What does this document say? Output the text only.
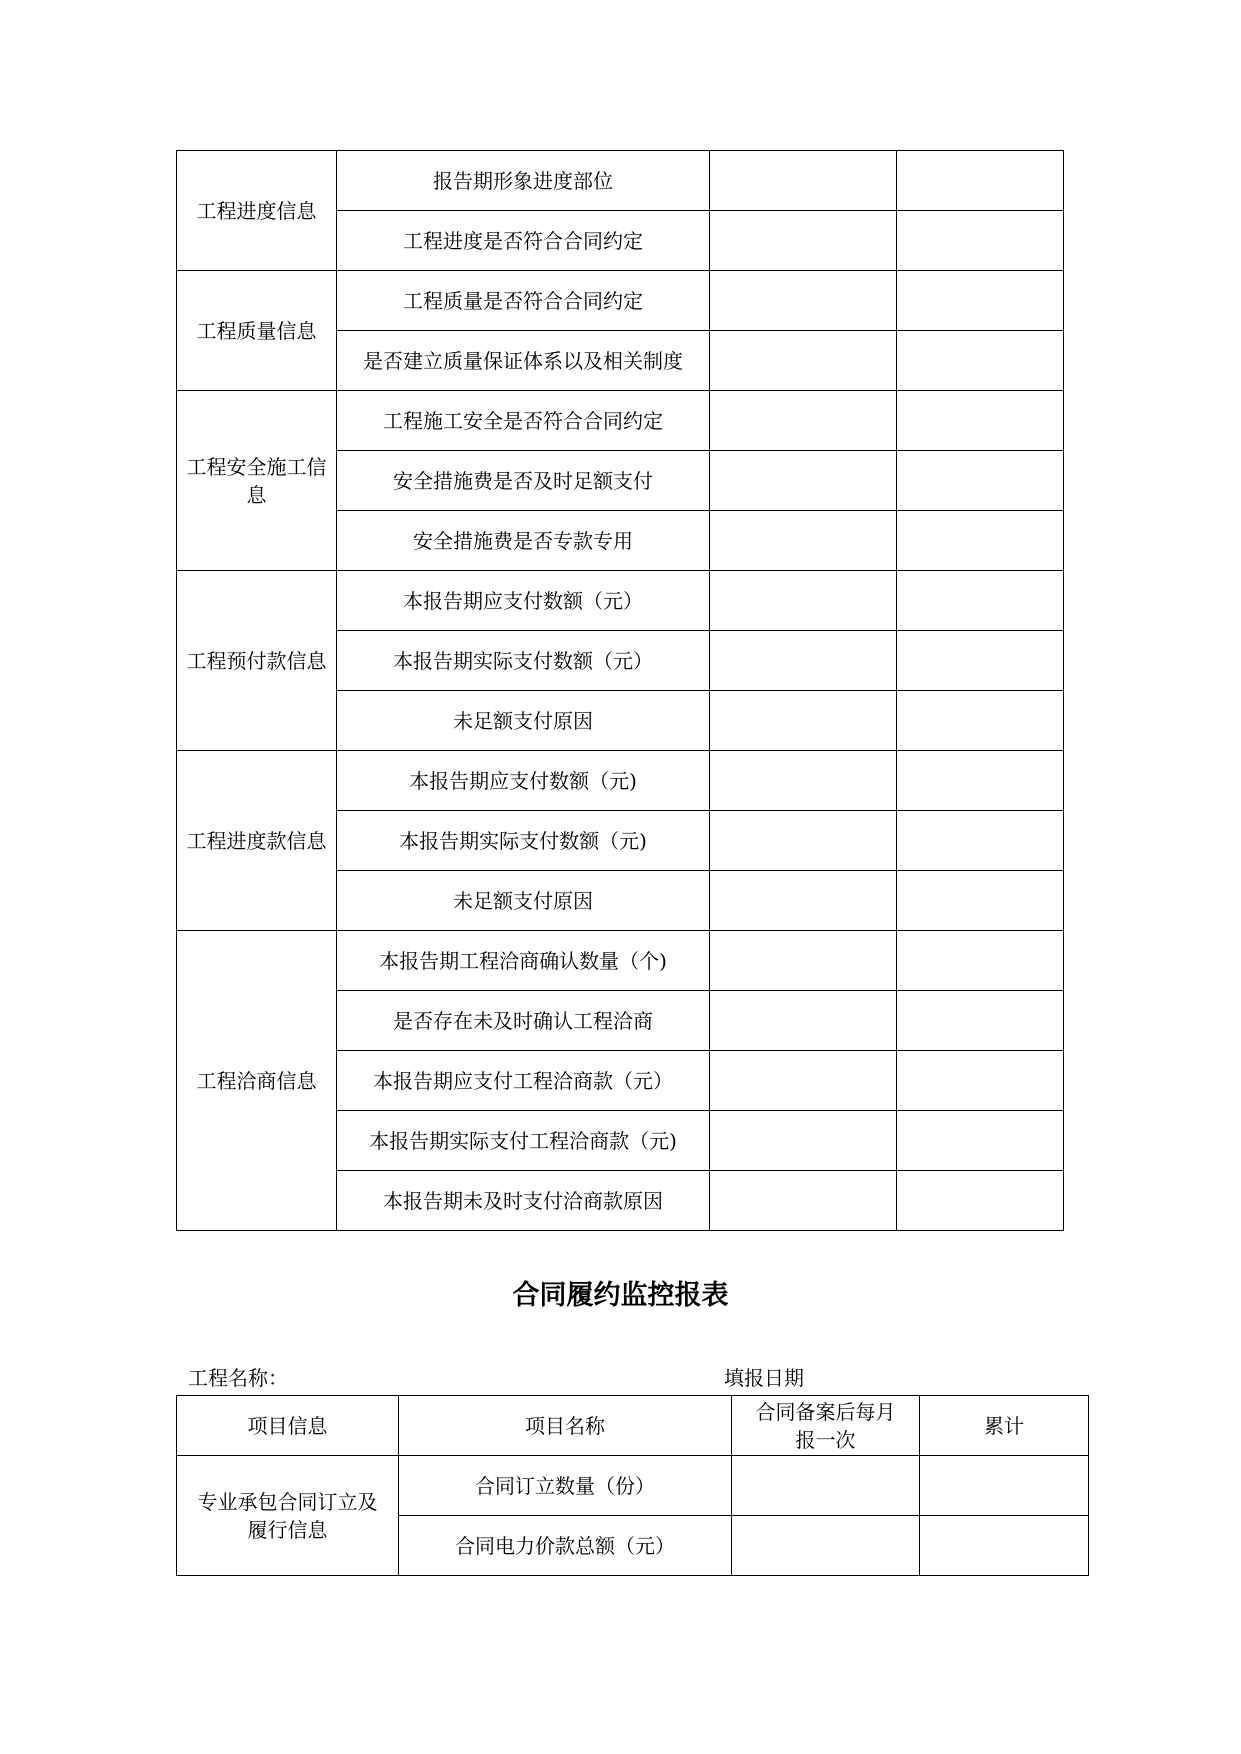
工程进度信息	报告期形象进度部位		
	工程进度是否符合合同约定		
工程质量信息	工程质量是否符合合同约定		
	是否建立质量保证体系以及相关制度		
工程安全施工信息	工程施工安全是否符合合同约定		
	安全措施费是否及时足额支付		
	安全措施费是否专款专用		
工程预付款信息	本报告期应支付数额（元）		
	本报告期实际支付数额（元）		
	未足额支付原因		
工程进度款信息	本报告期应支付数额（元)		
	本报告期实际支付数额（元)		
	未足额支付原因		
工程洽商信息	本报告期工程洽商确认数量（个)		
	是否存在未及时确认工程洽商		
	本报告期应支付工程洽商款（元）		
	本报告期实际支付工程洽商款（元)		
	本报告期未及时支付洽商款原因		
合同履约监控报表
工程名称：	填报日期
项目信息	项目名称	合同备案后每月报一次	累计
专业承包合同订立及履行信息	合同订立数量（份）		
	合同电力价款总额（元）		
